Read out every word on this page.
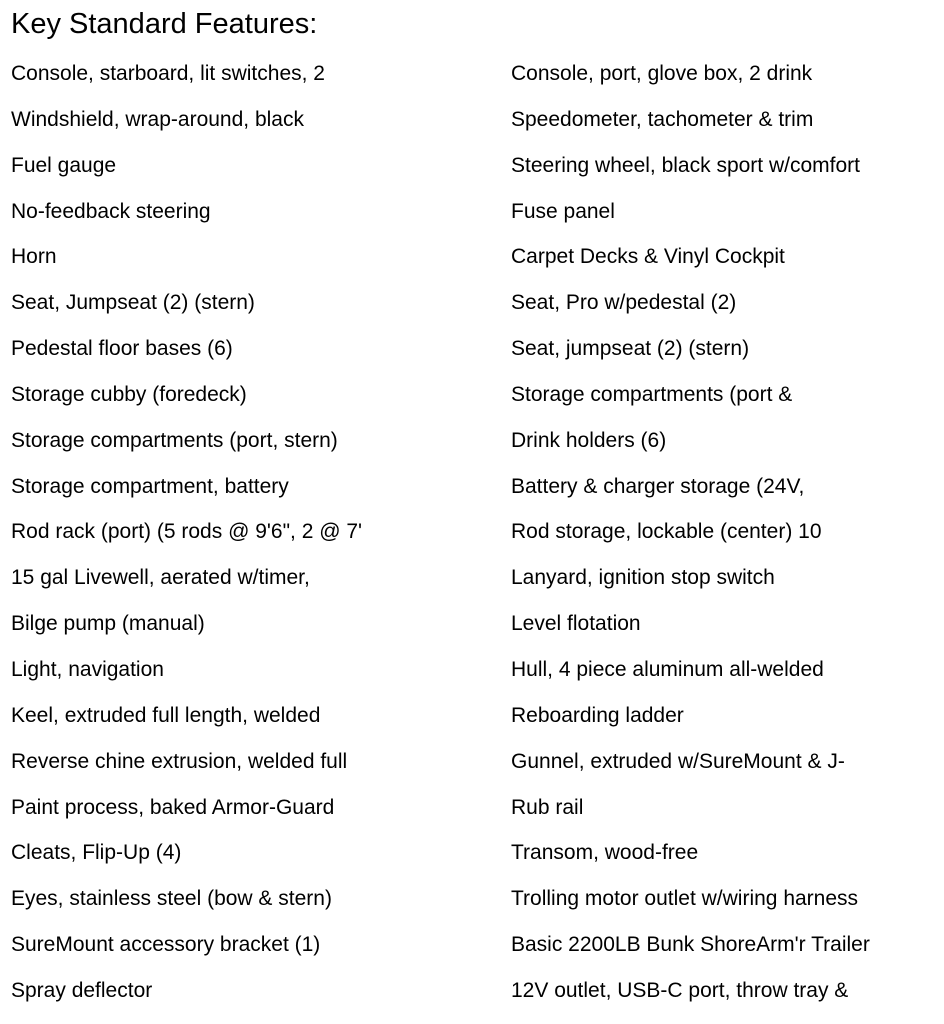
Key Standard Features:
Console, starboard, lit switches, 2
Windshield, wrap-around, black
Fuel gauge
No-feedback steering
Horn
Seat, Jumpseat (2) (stern)
Pedestal floor bases (6)
Storage cubby (foredeck)
Storage compartments (port, stern)
Storage compartment, battery
Rod rack (port) (5 rods @ 9'6", 2 @ 7'
15 gal Livewell, aerated w/timer,
Bilge pump (manual)
Light, navigation
Keel, extruded full length, welded
Reverse chine extrusion, welded full
Paint process, baked Armor-Guard
Cleats, Flip-Up (4)
Eyes, stainless steel (bow & stern)
SureMount accessory bracket (1)
Spray deflector
Console, port, glove box, 2 drink
Speedometer, tachometer & trim
Steering wheel, black sport w/comfort
Fuse panel
Carpet Decks & Vinyl Cockpit
Seat, Pro w/pedestal (2)
Seat, jumpseat (2) (stern)
Storage compartments (port &
Drink holders (6)
Battery & charger storage (24V,
Rod storage, lockable (center) 10
Lanyard, ignition stop switch
Level flotation
Hull, 4 piece aluminum all-welded
Reboarding ladder
Gunnel, extruded w/SureMount & J-
Rub rail
Transom, wood-free
Trolling motor outlet w/wiring harness
Basic 2200LB Bunk ShoreArm'r Trailer
12V outlet, USB-C port, throw tray &
